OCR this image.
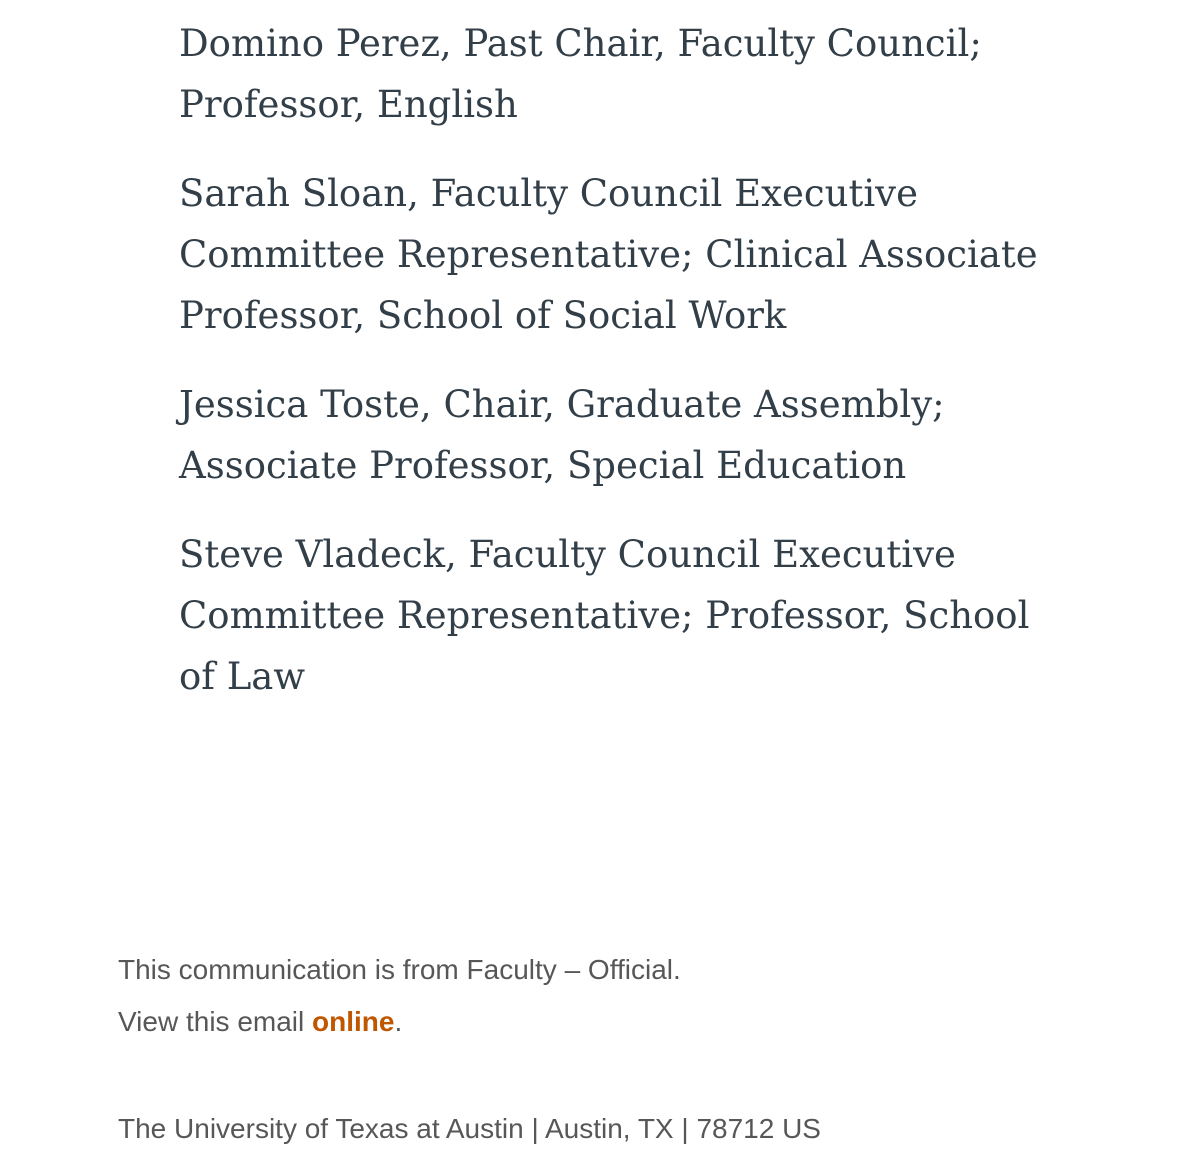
Domino Perez, Past Chair, Faculty Council; Professor, English

Sarah Sloan, Faculty Council Executive Committee Representative; Clinical Associate Professor, School of Social Work

Jessica Toste, Chair, Graduate Assembly; Associate Professor, Special Education

Steve Vladeck, Faculty Council Executive Committee Representative; Professor, School of Law

This communication is from Faculty – Official.

View this email online.

The University of Texas at Austin | Austin, TX | 78712 US
